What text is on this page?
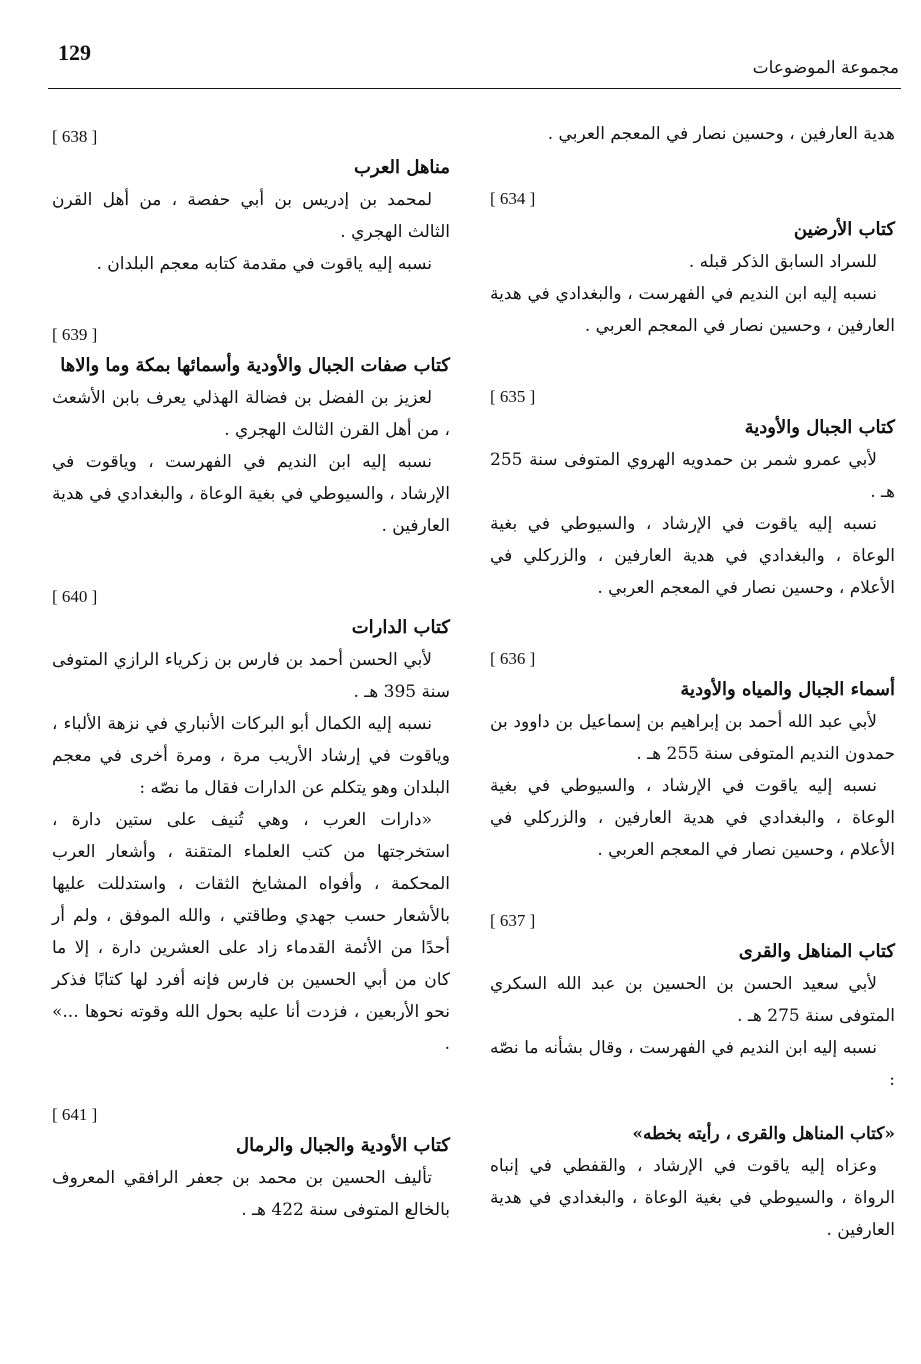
129
مجموعة الموضوعات

هدية العارفين ، وحسين نصار في المعجم العربي .

[ 634 ]
كتاب الأرضين

للسراد السابق الذكر قبله .

نسبه إليه ابن النديم في الفهرست ، والبغدادي في هدية العارفين ، وحسين نصار في المعجم العربي .

[ 635 ]
كتاب الجبال والأودية

لأبي عمرو شمر بن حمدويه الهروي المتوفى سنة 255 هـ .

نسبه إليه ياقوت في الإرشاد ، والسيوطي في بغية الوعاة ، والبغدادي في هدية العارفين ، والزركلي في الأعلام ، وحسين نصار في المعجم العربي .

[ 636 ]
أسماء الجبال والمياه والأودية

لأبي عبد الله أحمد بن إبراهيم بن إسماعيل بن داوود بن حمدون النديم المتوفى سنة 255 هـ .

نسبه إليه ياقوت في الإرشاد ، والسيوطي في بغية الوعاة ، والبغدادي في هدية العارفين ، والزركلي في الأعلام ، وحسين نصار في المعجم العربي .

[ 637 ]
كتاب المناهل والقرى

لأبي سعيد الحسن بن الحسين بن عبد الله السكري المتوفى سنة 275 هـ .

نسبه إليه ابن النديم في الفهرست ، وقال بشأنه ما نصّه :

«كتاب المناهل والقرى ، رأيته بخطه»

وعزاه إليه ياقوت في الإرشاد ، والقفطي في إنباه الرواة ، والسيوطي في بغية الوعاة ، والبغدادي في هدية العارفين .

[ 638 ]
مناهل العرب

لمحمد بن إدريس بن أبي حفصة ، من أهل القرن الثالث الهجري .

نسبه إليه ياقوت في مقدمة كتابه معجم البلدان .

[ 639 ]
كتاب صفات الجبال والأودية وأسمائها بمكة وما والاها

لعزيز بن الفضل بن فضالة الهذلي يعرف بابن الأشعث ، من أهل القرن الثالث الهجري .

نسبه إليه ابن النديم في الفهرست ، وياقوت في الإرشاد ، والسيوطي في بغية الوعاة ، والبغدادي في هدية العارفين .

[ 640 ]
كتاب الدارات

لأبي الحسن أحمد بن فارس بن زكرياء الرازي المتوفى سنة 395 هـ .

نسبه إليه الكمال أبو البركات الأنباري في نزهة الألباء ، وياقوت في إرشاد الأريب مرة ، ومرة أخرى في معجم البلدان وهو يتكلم عن الدارات فقال ما نصّه :

«دارات العرب ، وهي تُنيف على ستين دارة ، استخرجتها من كتب العلماء المتقنة ، وأشعار العرب المحكمة ، وأفواه المشايخ الثقات ، واستدللت عليها بالأشعار حسب جهدي وطاقتي ، والله الموفق ، ولم أر أحدًا من الأئمة القدماء زاد على العشرين دارة ، إلا ما كان من أبي الحسين بن فارس فإنه أفرد لها كتابًا فذكر نحو الأربعين ، فزدت أنا عليه بحول الله وقوته نحوها ...» .

[ 641 ]
كتاب الأودية والجبال والرمال

تأليف الحسين بن محمد بن جعفر الرافقي المعروف بالخالع المتوفى سنة 422 هـ .
